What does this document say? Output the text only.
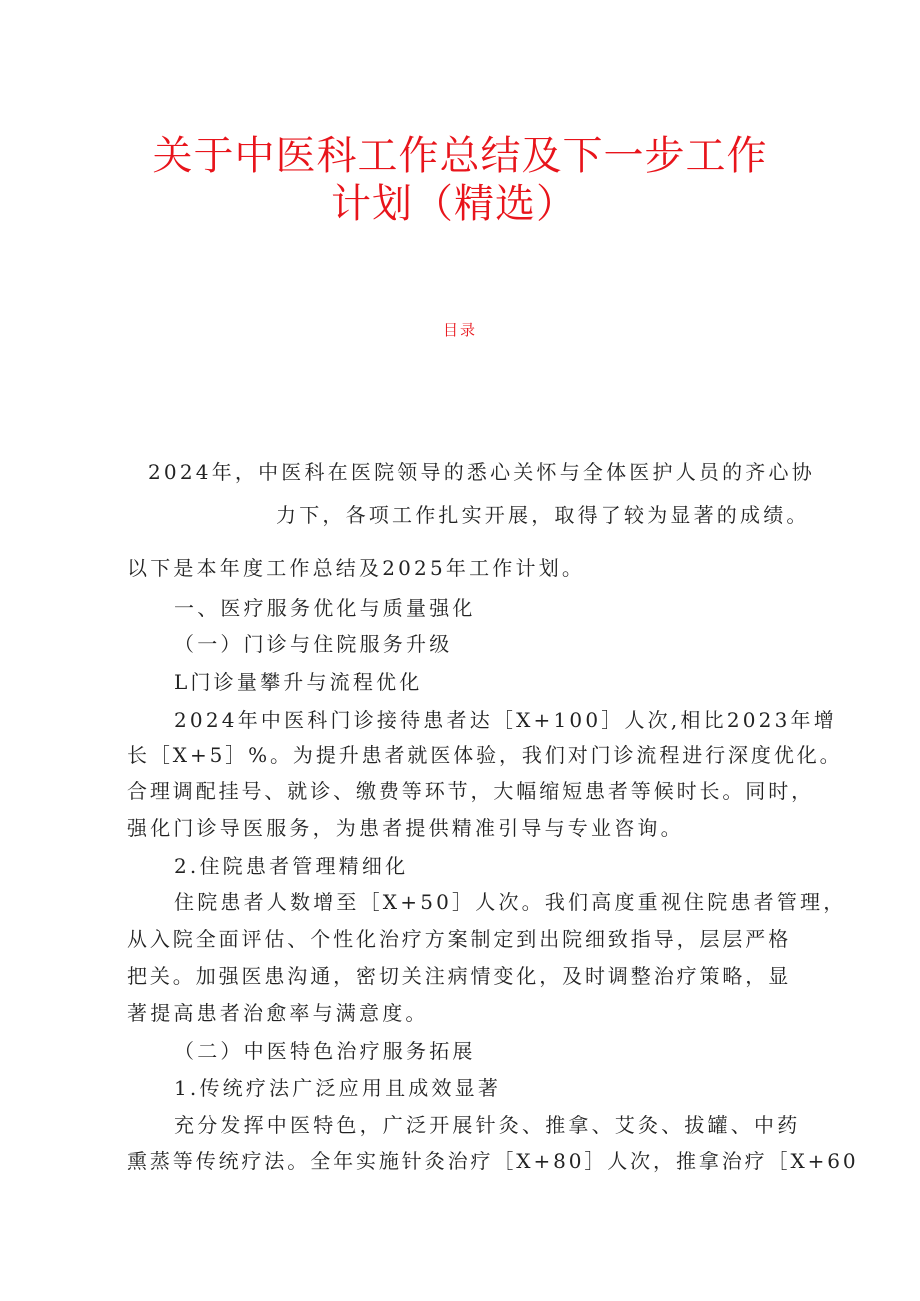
关于中医科工作总结及下一步工作
计划（精选）
目录
2024年，中医科在医院领导的悉心关怀与全体医护人员的齐心协
力下，各项工作扎实开展，取得了较为显著的成绩。
以下是本年度工作总结及2025年工作计划。
一、医疗服务优化与质量强化
（一）门诊与住院服务升级
L门诊量攀升与流程优化
2024年中医科门诊接待患者达［X+100］人次,相比2023年增
长［X+5］%。为提升患者就医体验，我们对门诊流程进行深度优化。
合理调配挂号、就诊、缴费等环节，大幅缩短患者等候时长。同时，
强化门诊导医服务，为患者提供精准引导与专业咨询。
2.住院患者管理精细化
住院患者人数增至［X+50］人次。我们高度重视住院患者管理，
从入院全面评估、个性化治疗方案制定到出院细致指导，层层严格
把关。加强医患沟通，密切关注病情变化，及时调整治疗策略，显
著提高患者治愈率与满意度。
（二）中医特色治疗服务拓展
1.传统疗法广泛应用且成效显著
充分发挥中医特色，广泛开展针灸、推拿、艾灸、拔罐、中药
熏蒸等传统疗法。全年实施针灸治疗［X+80］人次，推拿治疗［X+60
